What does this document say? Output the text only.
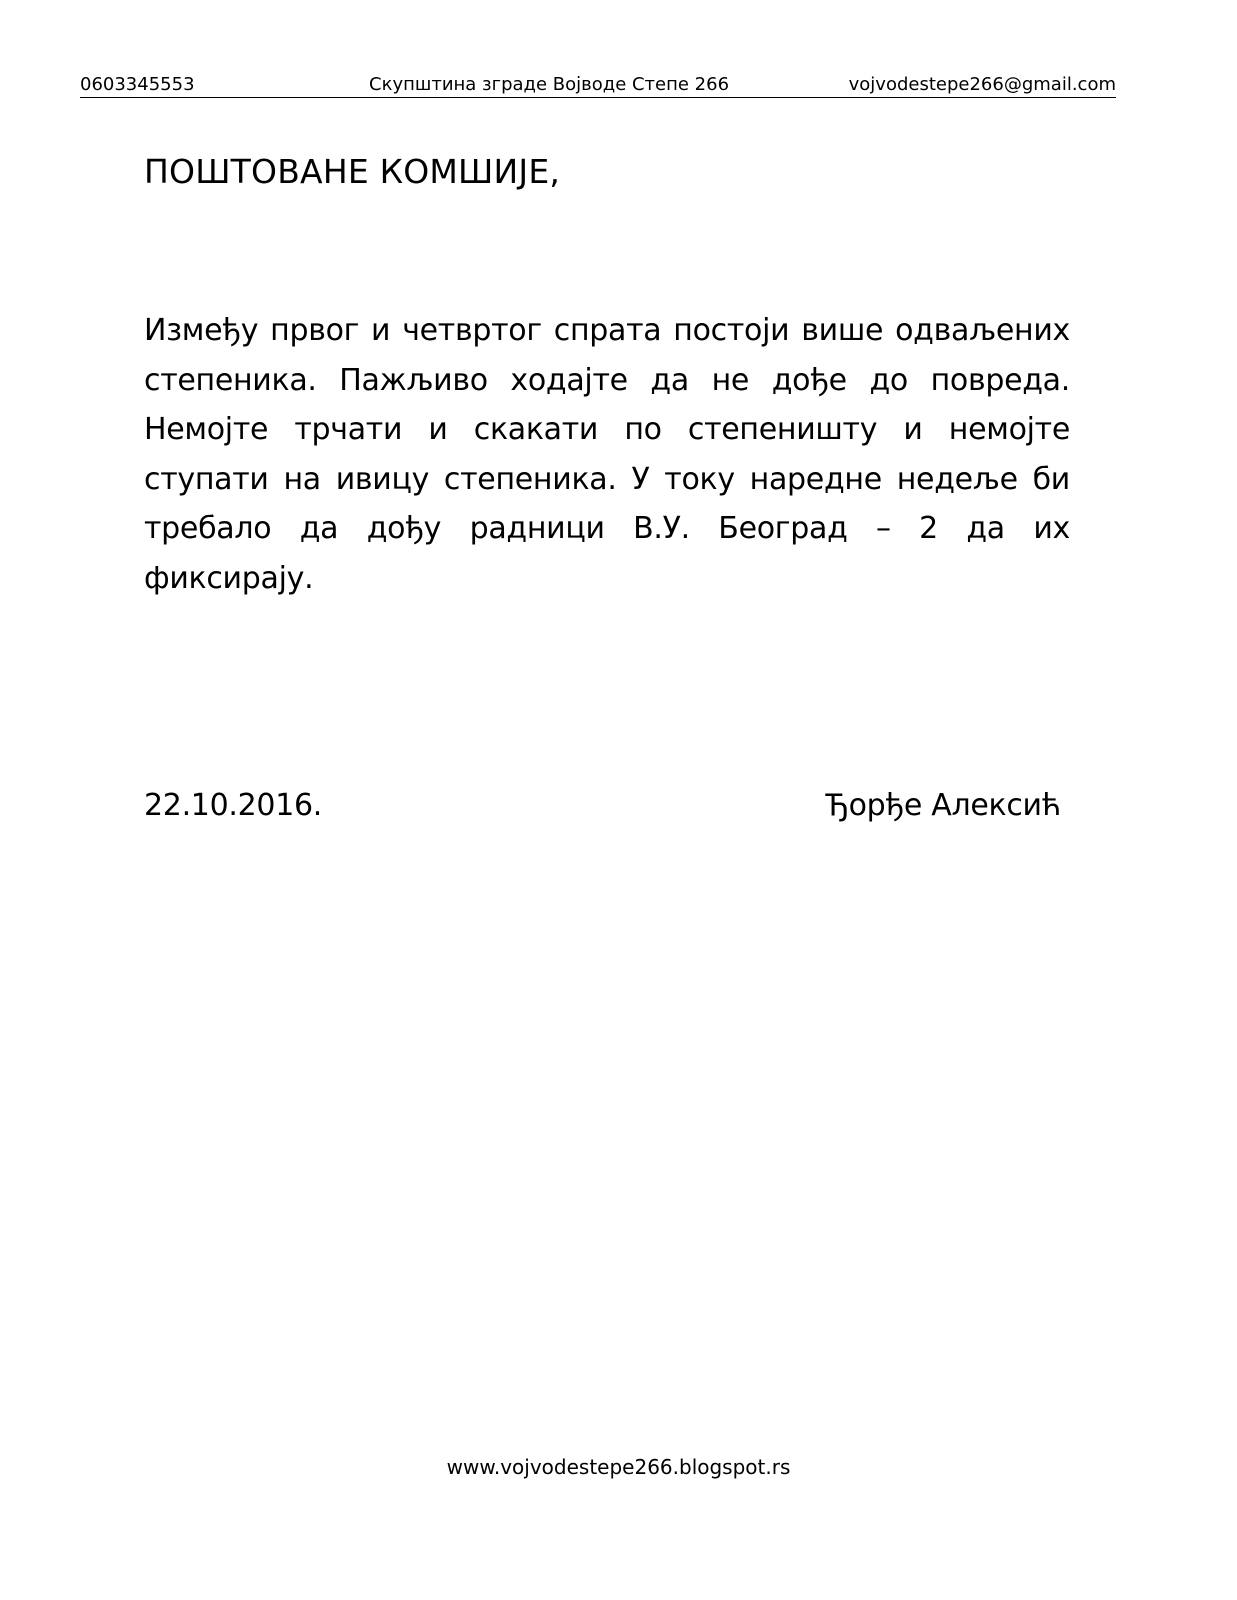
0603345553	Скупштина зграде Војводе Степе 266	vojvodestepe266@gmail.com
ПОШТОВАНЕ КОМШИЈЕ,
Између првог и четвртог спрата постоји више одваљених степеника. Пажљиво ходајте да не дође до повреда. Немојте трчати и скакати по степеништу и немојте ступати на ивицу степеника. У току наредне недеље би требало да дођу радници В.У. Београд – 2 да их фиксирају.
22.10.2016.	Ђорђе Алексић
www.vojvodestepe266.blogspot.rs
